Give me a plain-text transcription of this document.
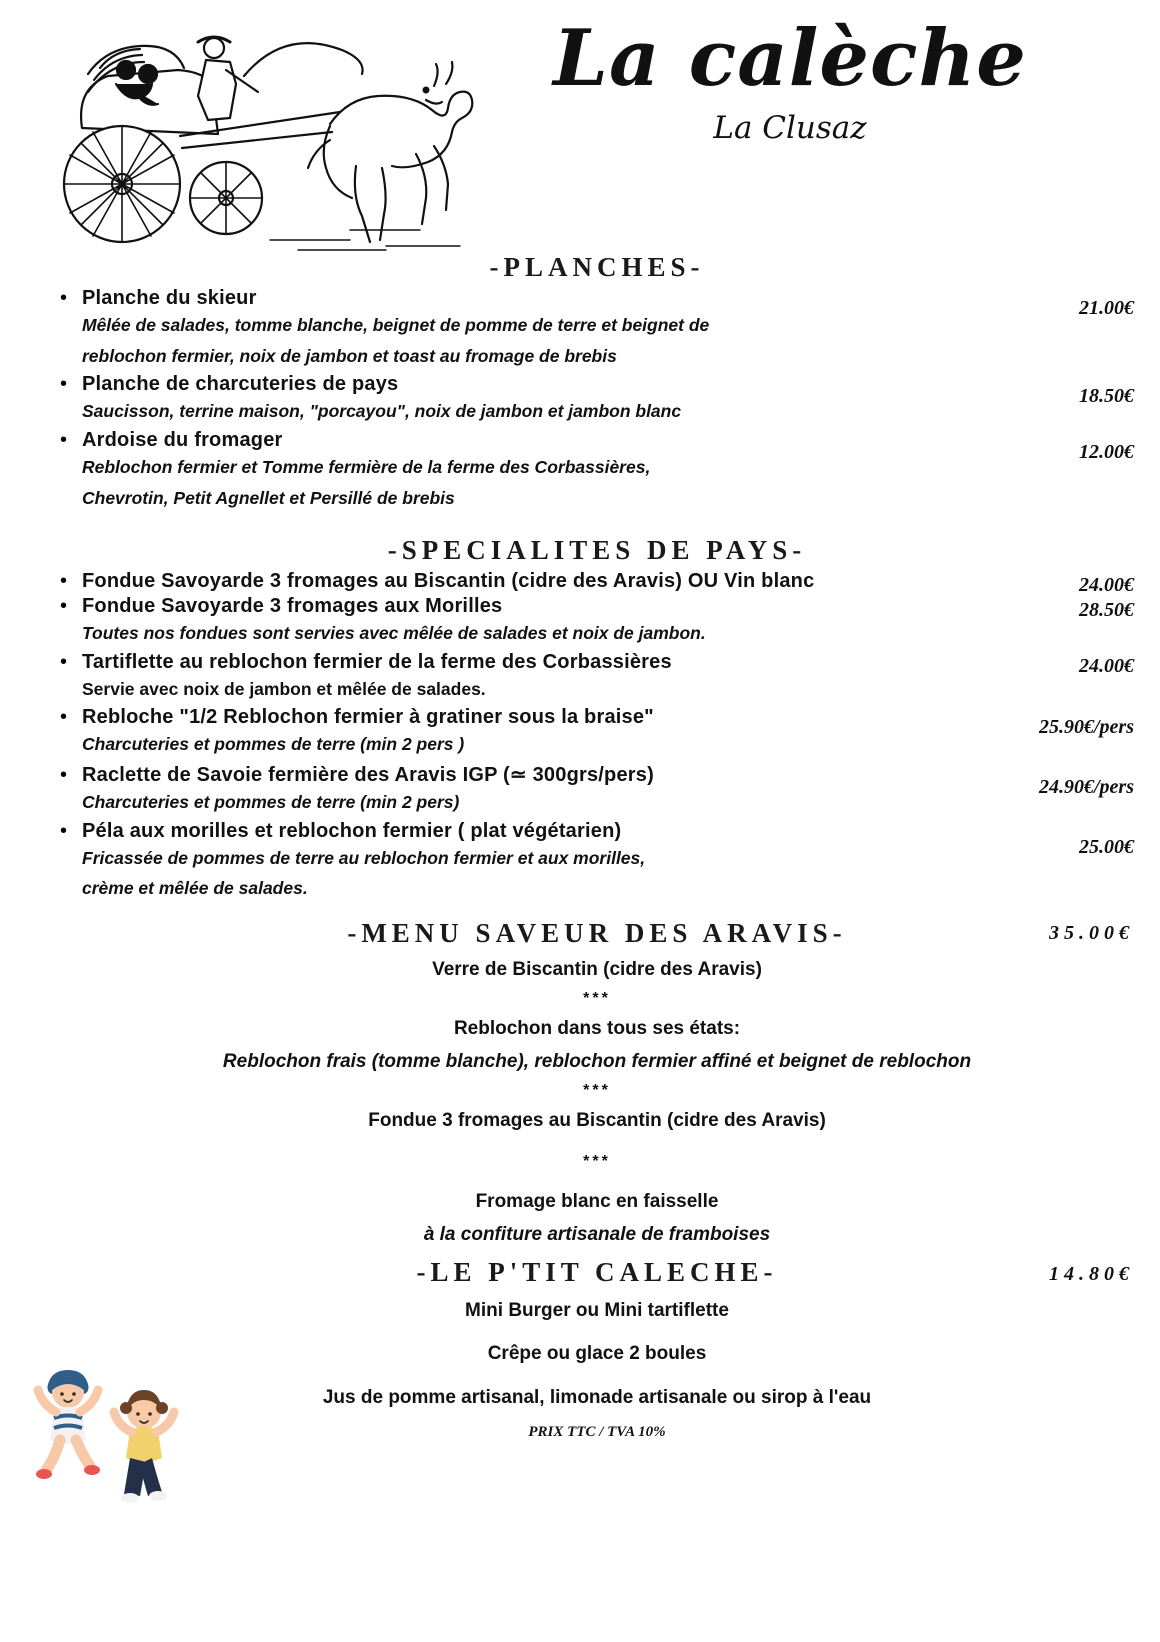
La calèche
La Clusaz
-PLANCHES-
21.00€
• Planche du skieur
Mêlée de salades, tomme blanche, beignet de pomme de terre et beignet de
reblochon fermier, noix de jambon et toast au fromage de brebis
18.50€
• Planche de charcuteries de pays
Saucisson, terrine maison, "porcayou", noix de jambon et jambon blanc
12.00€
• Ardoise du fromager
Reblochon fermier et Tomme fermière de la ferme des Corbassières,
Chevrotin, Petit Agnellet et Persillé de brebis
-SPECIALITES DE PAYS-
24.00€
• Fondue Savoyarde 3 fromages au Biscantin (cidre des Aravis) OU Vin blanc
28.50€
• Fondue Savoyarde 3 fromages aux Morilles
Toutes nos fondues sont servies avec mêlée de salades et noix de jambon.
24.00€
• Tartiflette au reblochon fermier de la ferme des Corbassières
Servie avec noix de jambon et mêlée de salades.
25.90€/pers
• Rebloche " 1/2 Reblochon fermier à gratiner sous la braise"
Charcuteries et pommes de terre (min 2 pers )
24.90€/pers
• Raclette de Savoie fermière des Aravis IGP (≃ 300grs/pers)
Charcuteries et pommes de terre (min 2 pers)
25.00€
• Péla aux morilles et reblochon fermier ( plat végétarien)
Fricassée de pommes de terre au reblochon fermier et aux morilles,
crème et mêlée de salades.
-MENU SAVEUR DES ARAVIS-	35.00€
Verre de Biscantin (cidre des Aravis)
***
Reblochon dans tous ses états:
Reblochon frais (tomme blanche), reblochon fermier affiné et beignet de reblochon
***
Fondue 3 fromages au Biscantin (cidre des Aravis)
***
Fromage blanc en faisselle
à la confiture artisanale de framboises
-LE P'TIT CALECHE-	14.80€
Mini Burger ou Mini tartiflette
Crêpe ou glace 2 boules
Jus de pomme artisanal, limonade artisanale ou sirop à l'eau
PRIX TTC / TVA 10%
